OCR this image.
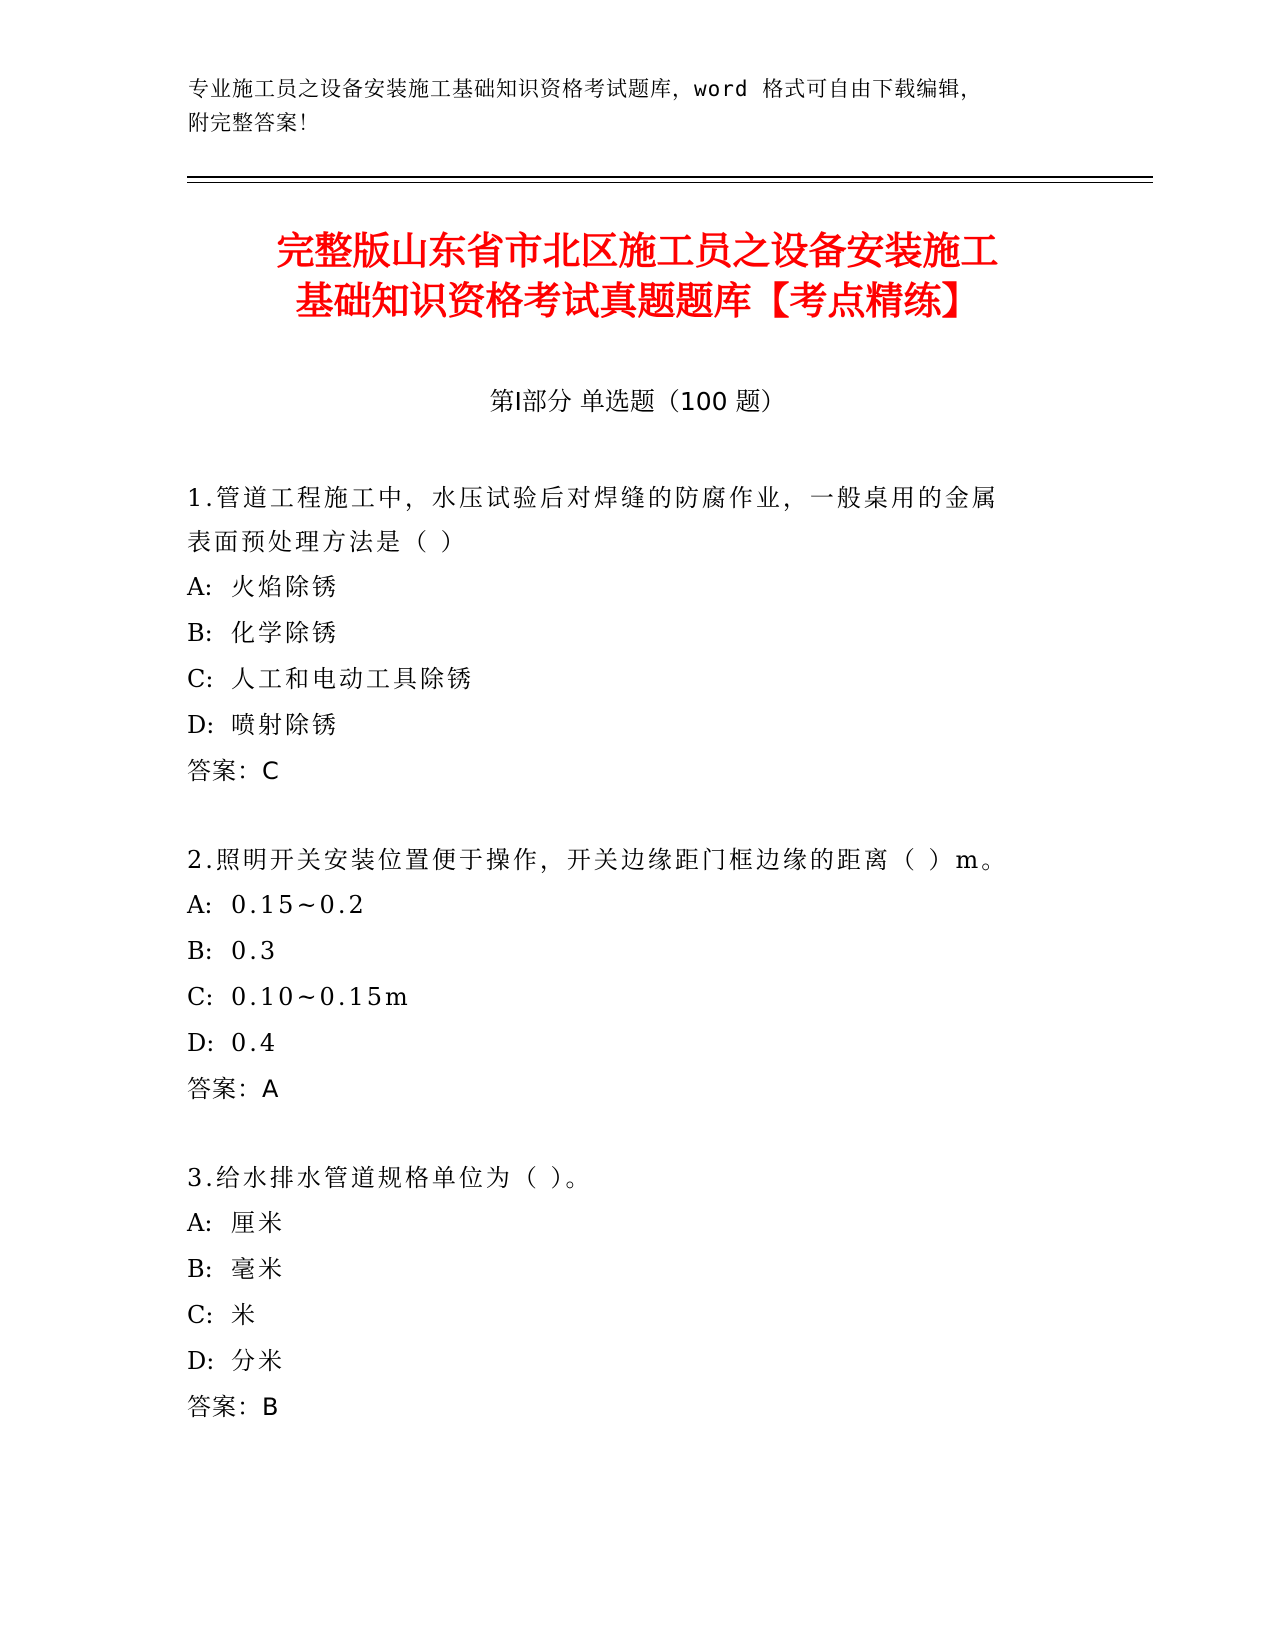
专业施工员之设备安装施工基础知识资格考试题库，word 格式可自由下载编辑，
附完整答案！
完整版山东省市北区施工员之设备安装施工
基础知识资格考试真题题库【考点精练】
第Ⅰ部分 单选题（100 题）
1.管道工程施工中，水压试验后对焊缝的防腐作业，一般桌用的金属
表面预处理方法是（ ）
A: 火焰除锈
B: 化学除锈
C: 人工和电动工具除锈
D: 喷射除锈
答案：C
2.照明开关安装位置便于操作，开关边缘距门框边缘的距离（ ）m。
A: 0.15~0.2
B: 0.3
C: 0.10~0.15m
D: 0.4
答案：A
3.给水排水管道规格单位为（ ）。
A: 厘米
B: 毫米
C: 米
D: 分米
答案：B
